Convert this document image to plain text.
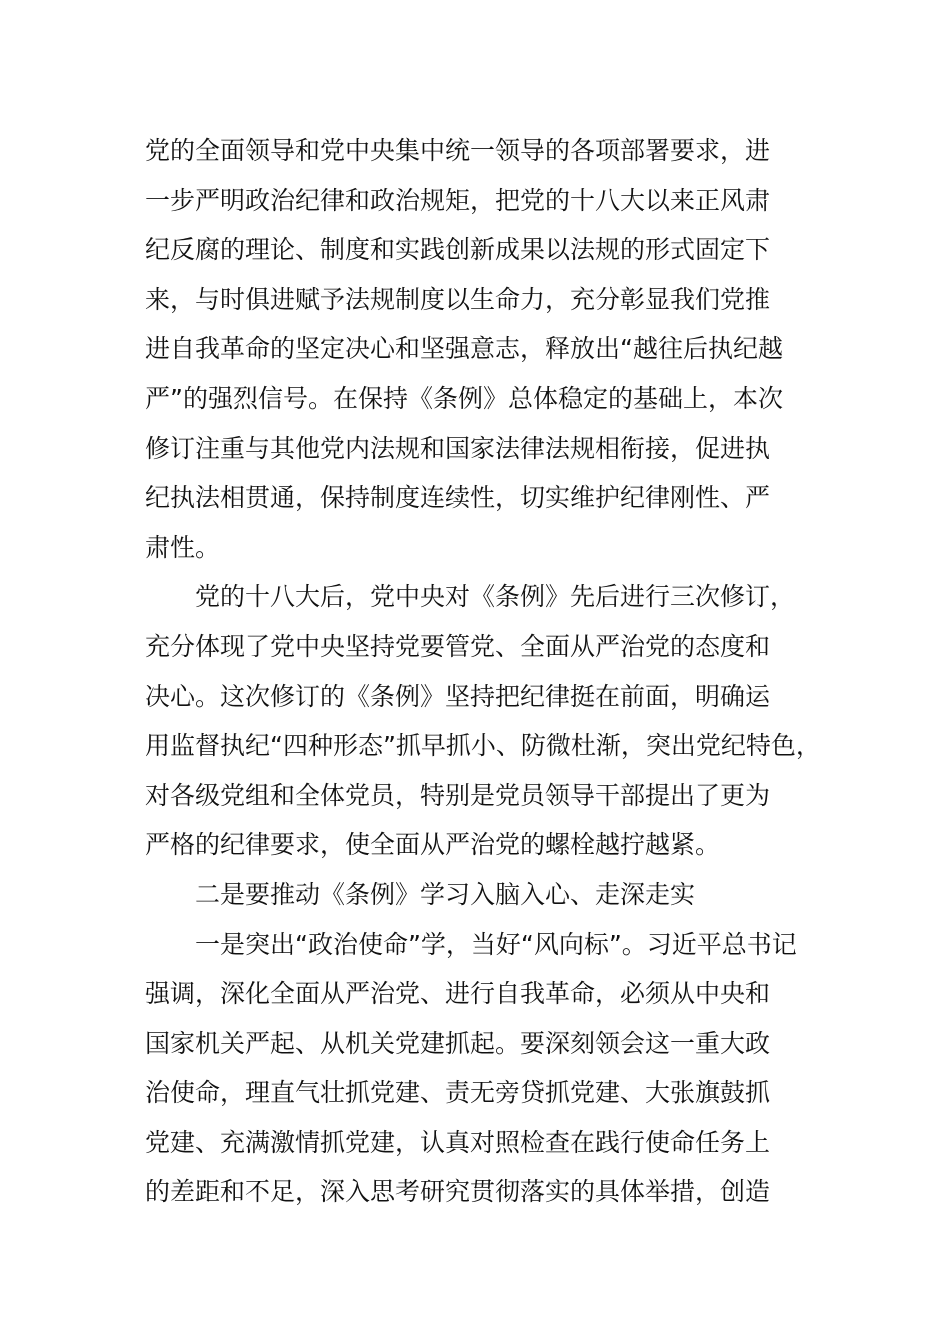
党的全面领导和党中央集中统一领导的各项部署要求，进
一步严明政治纪律和政治规矩，把党的十八大以来正风肃
纪反腐的理论、制度和实践创新成果以法规的形式固定下
来，与时俱进赋予法规制度以生命力，充分彰显我们党推
进自我革命的坚定决心和坚强意志，释放出“越往后执纪越
严”的强烈信号。在保持《条例》总体稳定的基础上，本次
修订注重与其他党内法规和国家法律法规相衔接，促进执
纪执法相贯通，保持制度连续性，切实维护纪律刚性、严
肃性。
党的十八大后，党中央对《条例》先后进行三次修订，
充分体现了党中央坚持党要管党、全面从严治党的态度和
决心。这次修订的《条例》坚持把纪律挺在前面，明确运
用监督执纪“四种形态”抓早抓小、防微杜渐，突出党纪特色，
对各级党组和全体党员，特别是党员领导干部提出了更为
严格的纪律要求，使全面从严治党的螺栓越拧越紧。
二是要推动《条例》学习入脑入心、走深走实
一是突出“政治使命”学，当好“风向标”。习近平总书记
强调，深化全面从严治党、进行自我革命，必须从中央和
国家机关严起、从机关党建抓起。要深刻领会这一重大政
治使命，理直气壮抓党建、责无旁贷抓党建、大张旗鼓抓
党建、充满激情抓党建，认真对照检查在践行使命任务上
的差距和不足，深入思考研究贯彻落实的具体举措，创造
